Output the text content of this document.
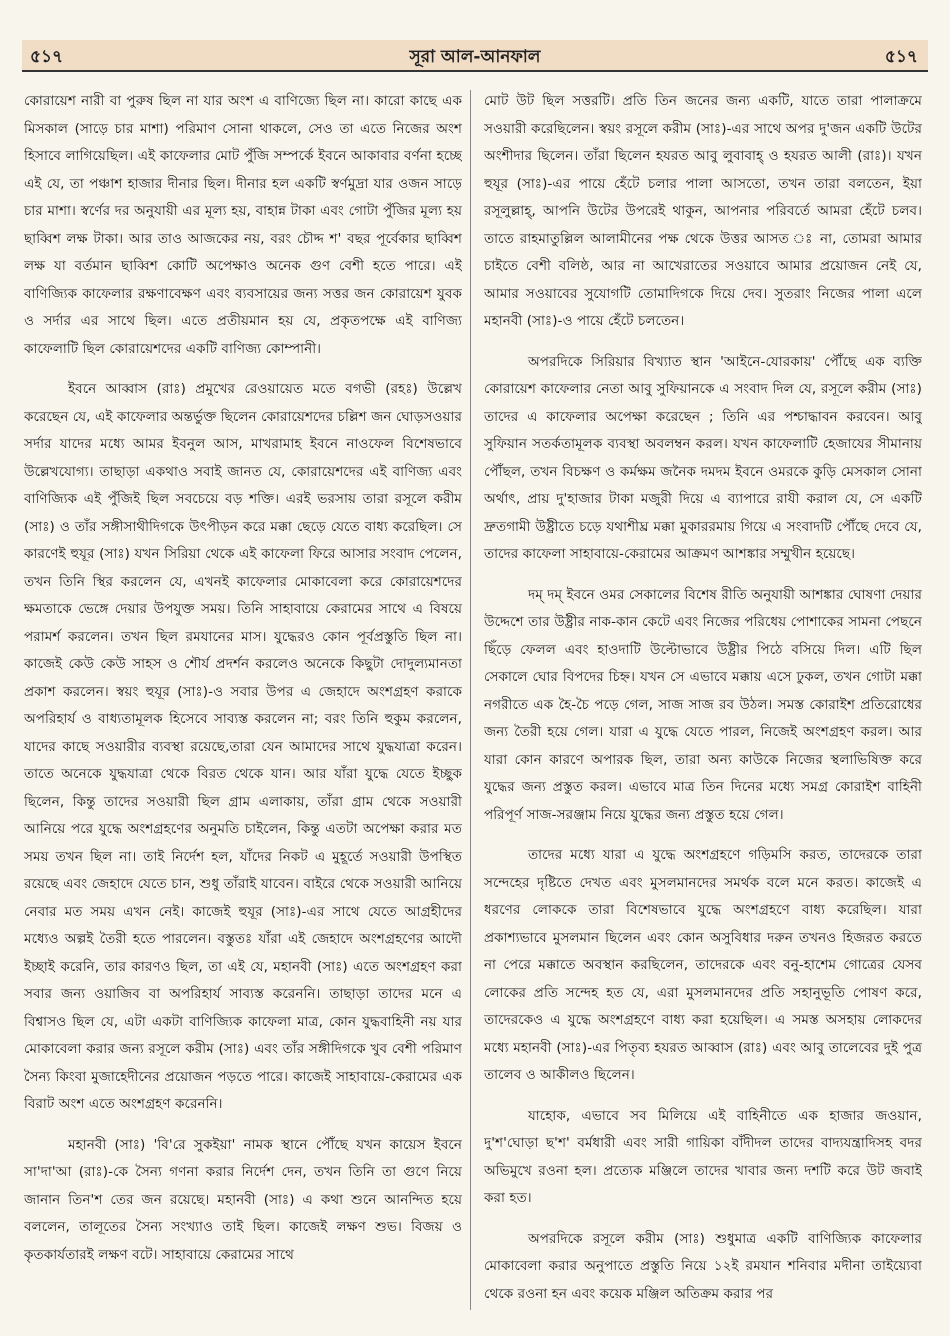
৫১৭	সূরা আল-আনফাল	৫১৭

কোরায়েশ নারী বা পুরুষ ছিল না যার অংশ এ বাণিজ্যে ছিল না। কারো কাছে এক মিসকাল (সাড়ে চার মাশা) পরিমাণ সোনা থাকলে, সেও তা এতে নিজের অংশ হিসাবে লাগিয়েছিল। এই কাফেলার মোট পুঁজি সম্পর্কে ইবনে আকাবার বর্ণনা হচ্ছে এই যে, তা পঞ্চাশ হাজার দীনার ছিল। দীনার হল একটি স্বর্ণমুদ্রা যার ওজন সাড়ে চার মাশা। স্বর্ণের দর অনুযায়ী এর মূল্য হয়, বাহান্ন টাকা এবং গোটা পুঁজির মূল্য হয় ছাব্বিশ লক্ষ টাকা। আর তাও আজকের নয়, বরং চৌদ্দ শ' বছর পূর্বেকার ছাব্বিশ লক্ষ যা বর্তমান ছাব্বিশ কোটি অপেক্ষাও অনেক গুণ বেশী হতে পারে। এই বাণিজ্যিক কাফেলার রক্ষণাবেক্ষণ এবং ব্যবসায়ের জন্য সত্তর জন কোরায়েশ যুবক ও সর্দার এর সাথে ছিল। এতে প্রতীয়মান হয় যে, প্রকৃতপক্ষে এই বাণিজ্য কাফেলাটি ছিল কোরায়েশদের একটি বাণিজ্য কোম্পানী।

ইবনে আব্বাস (রাঃ) প্রমুখের রেওয়ায়েত মতে বগভী (রহঃ) উল্লেখ করেছেন যে, এই কাফেলার অন্তর্ভুক্ত ছিলেন কোরায়েশদের চল্লিশ জন ঘোড়সওয়ার সর্দার যাদের মধ্যে আমর ইবনুল আস, মাখরামাহ ইবনে নাওফেল বিশেষভাবে উল্লেখযোগ্য। তাছাড়া একথাও সবাই জানত যে, কোরায়েশদের এই বাণিজ্য এবং বাণিজ্যিক এই পুঁজিই ছিল সবচেয়ে বড় শক্তি। এরই ভরসায় তারা রসূলে করীম (সাঃ) ও তাঁর সঙ্গীসাথীদিগকে উৎপীড়ন করে মক্কা ছেড়ে যেতে বাধ্য করেছিল। সে কারণেই হুযূর (সাঃ) যখন সিরিয়া থেকে এই কাফেলা ফিরে আসার সংবাদ পেলেন, তখন তিনি স্থির করলেন যে, এখনই কাফেলার মোকাবেলা করে কোরায়েশদের ক্ষমতাকে ভেঙ্গে দেয়ার উপযুক্ত সময়। তিনি সাহাবায়ে কেরামের সাথে এ বিষয়ে পরামর্শ করলেন। তখন ছিল রমযানের মাস। যুদ্ধেরও কোন পূর্বপ্রস্তুতি ছিল না। কাজেই কেউ কেউ সাহস ও শৌর্য প্রদর্শন করলেও অনেকে কিছুটা দোদুল্যমানতা প্রকাশ করলেন। স্বয়ং হুযূর (সাঃ)-ও সবার উপর এ জেহাদে অংশগ্রহণ করাকে অপরিহার্য ও বাধ্যতামূলক হিসেবে সাব্যস্ত করলেন না; বরং তিনি হুকুম করলেন, যাদের কাছে সওয়ারীর ব্যবস্থা রয়েছে,তারা যেন আমাদের সাথে যুদ্ধযাত্রা করেন। তাতে অনেকে যুদ্ধযাত্রা থেকে বিরত থেকে যান। আর যাঁরা যুদ্ধে যেতে ইচ্ছুক ছিলেন, কিন্তু তাদের সওয়ারী ছিল গ্রাম এলাকায়, তাঁরা গ্রাম থেকে সওয়ারী আনিয়ে পরে যুদ্ধে অংশগ্রহণের অনুমতি চাইলেন, কিন্তু এতটা অপেক্ষা করার মত সময় তখন ছিল না। তাই নির্দেশ হল, যাঁদের নিকট এ মুহূর্তে সওয়ারী উপস্থিত রয়েছে এবং জেহাদে যেতে চান, শুধু তাঁরাই যাবেন। বাইরে থেকে সওয়ারী আনিয়ে নেবার মত সময় এখন নেই। কাজেই হুযূর (সাঃ)-এর সাথে যেতে আগ্রহীদের মধ্যেও অল্পই তৈরী হতে পারলেন। বস্তুতঃ যাঁরা এই জেহাদে অংশগ্রহণের আদৌ ইচ্ছাই করেনি, তার কারণও ছিল, তা এই যে, মহানবী (সাঃ) এতে অংশগ্রহণ করা সবার জন্য ওয়াজিব বা অপরিহার্য সাব্যস্ত করেননি। তাছাড়া তাদের মনে এ বিশ্বাসও ছিল যে, এটা একটা বাণিজ্যিক কাফেলা মাত্র, কোন যুদ্ধবাহিনী নয় যার মোকাবেলা করার জন্য রসূলে করীম (সাঃ) এবং তাঁর সঙ্গীদিগকে খুব বেশী পরিমাণ সৈন্য কিংবা মুজাহেদীনের প্রয়োজন পড়তে পারে। কাজেই সাহাবায়ে-কেরামের এক বিরাট অংশ এতে অংশগ্রহণ করেননি।

মহানবী (সাঃ) 'বি'রে সুকইয়া' নামক স্থানে পৌঁছে যখন কায়েস ইবনে সা'দা'আ (রাঃ)-কে সৈন্য গণনা করার নির্দেশ দেন, তখন তিনি তা গুণে নিয়ে জানান তিন'শ তের জন রয়েছে। মহানবী (সাঃ) এ কথা শুনে আনন্দিত হয়ে বললেন, তালূতের সৈন্য সংখ্যাও তাই ছিল। কাজেই লক্ষণ শুভ। বিজয় ও কৃতকার্যতারই লক্ষণ বটে। সাহাবায়ে কেরামের সাথে

মোট উট ছিল সত্তরটি। প্রতি তিন জনের জন্য একটি, যাতে তারা পালাক্রমে সওয়ারী করেছিলেন। স্বয়ং রসূলে করীম (সাঃ)-এর সাথে অপর দু'জন একটি উটের অংশীদার ছিলেন। তাঁরা ছিলেন হযরত আবু লুবাবাহ্ ও হযরত আলী (রাঃ)। যখন হুযূর (সাঃ)-এর পায়ে হেঁটে চলার পালা আসতো, তখন তারা বলতেন, ইয়া রসূলুল্লাহ্, আপনি উটের উপরেই থাকুন, আপনার পরিবর্তে আমরা হেঁটে চলব। তাতে রাহমাতুল্লিল আলামীনের পক্ষ থেকে উত্তর আসত ঃ না, তোমরা আমার চাইতে বেশী বলিষ্ঠ, আর না আখেরাতের সওয়াবে আমার প্রয়োজন নেই যে, আমার সওয়াবের সুযোগটি তোমাদিগকে দিয়ে দেব। সুতরাং নিজের পালা এলে মহানবী (সাঃ)-ও পায়ে হেঁটে চলতেন।

অপরদিকে সিরিয়ার বিখ্যাত স্থান 'আইনে-যোরকায়' পৌঁছে এক ব্যক্তি কোরায়েশ কাফেলার নেতা আবু সুফিয়ানকে এ সংবাদ দিল যে, রসূলে করীম (সাঃ) তাদের এ কাফেলার অপেক্ষা করেছেন ; তিনি এর পশ্চাদ্ধাবন করবেন। আবু সুফিয়ান সতর্কতামূলক ব্যবস্থা অবলম্বন করল। যখন কাফেলাটি হেজাযের সীমানায় পৌঁছল, তখন বিচক্ষণ ও কর্মক্ষম জনৈক দমদম ইবনে ওমরকে কুড়ি মেসকাল সোনা অর্থাৎ, প্রায় দু'হাজার টাকা মজুরী দিয়ে এ ব্যাপারে রাযী করাল যে, সে একটি দ্রুতগামী উষ্ট্রীতে চড়ে যথাশীঘ্র মক্কা মুকাররমায় গিয়ে এ সংবাদটি পৌঁছে দেবে যে, তাদের কাফেলা সাহাবায়ে-কেরামের আক্রমণ আশঙ্কার সম্মুখীন হয়েছে।

দম্ দম্ ইবনে ওমর সেকালের বিশেষ রীতি অনুযায়ী আশঙ্কার ঘোষণা দেয়ার উদ্দেশে তার উষ্ট্রীর নাক-কান কেটে এবং নিজের পরিধেয় পোশাকের সামনা পেছনে ছিঁড়ে ফেলল এবং হাওদাটি উল্টোভাবে উষ্ট্রীর পিঠে বসিয়ে দিল। এটি ছিল সেকালে ঘোর বিপদের চিহ্ন। যখন সে এভাবে মক্কায় এসে ঢুকল, তখন গোটা মক্কা নগরীতে এক হৈ-চৈ পড়ে গেল, সাজ সাজ রব উঠল। সমস্ত কোরাইশ প্রতিরোধের জন্য তৈরী হয়ে গেল। যারা এ যুদ্ধে যেতে পারল, নিজেই অংশগ্রহণ করল। আর যারা কোন কারণে অপারক ছিল, তারা অন্য কাউকে নিজের স্থলাভিষিক্ত করে যুদ্ধের জন্য প্রস্তুত করল। এভাবে মাত্র তিন দিনের মধ্যে সমগ্র কোরাইশ বাহিনী পরিপূর্ণ সাজ-সরঞ্জাম নিয়ে যুদ্ধের জন্য প্রস্তুত হয়ে গেল।

তাদের মধ্যে যারা এ যুদ্ধে অংশগ্রহণে গড়িমসি করত, তাদেরকে তারা সন্দেহের দৃষ্টিতে দেখত এবং মুসলমানদের সমর্থক বলে মনে করত। কাজেই এ ধরণের লোককে তারা বিশেষভাবে যুদ্ধে অংশগ্রহণে বাধ্য করেছিল। যারা প্রকাশ্যভাবে মুসলমান ছিলেন এবং কোন অসুবিধার দরুন তখনও হিজরত করতে না পেরে মক্কাতে অবস্থান করছিলেন, তাদেরকে এবং বনু-হাশেম গোত্রের যেসব লোকের প্রতি সন্দেহ হত যে, এরা মুসলমানদের প্রতি সহানুভূতি পোষণ করে, তাদেরকেও এ যুদ্ধে অংশগ্রহণে বাধ্য করা হয়েছিল। এ সমস্ত অসহায় লোকদের মধ্যে মহানবী (সাঃ)-এর পিতৃব্য হযরত আব্বাস (রাঃ) এবং আবু তালেবের দুই পুত্র তালেব ও আকীলও ছিলেন।

যাহোক, এভাবে সব মিলিয়ে এই বাহিনীতে এক হাজার জওয়ান, দু'শ'ঘোড়া ছ'শ' বর্মধারী এবং সারী গায়িকা বাঁদীদল তাদের বাদ্যযন্ত্রাদিসহ বদর অভিমুখে রওনা হল। প্রত্যেক মঞ্জিলে তাদের খাবার জন্য দশটি করে উট জবাই করা হত।

অপরদিকে রসূলে করীম (সাঃ) শুধুমাত্র একটি বাণিজ্যিক কাফেলার মোকাবেলা করার অনুপাতে প্রস্তুতি নিয়ে ১২ই রমযান শনিবার মদীনা তাইয়্যেবা থেকে রওনা হন এবং কয়েক মঞ্জিল অতিক্রম করার পর
